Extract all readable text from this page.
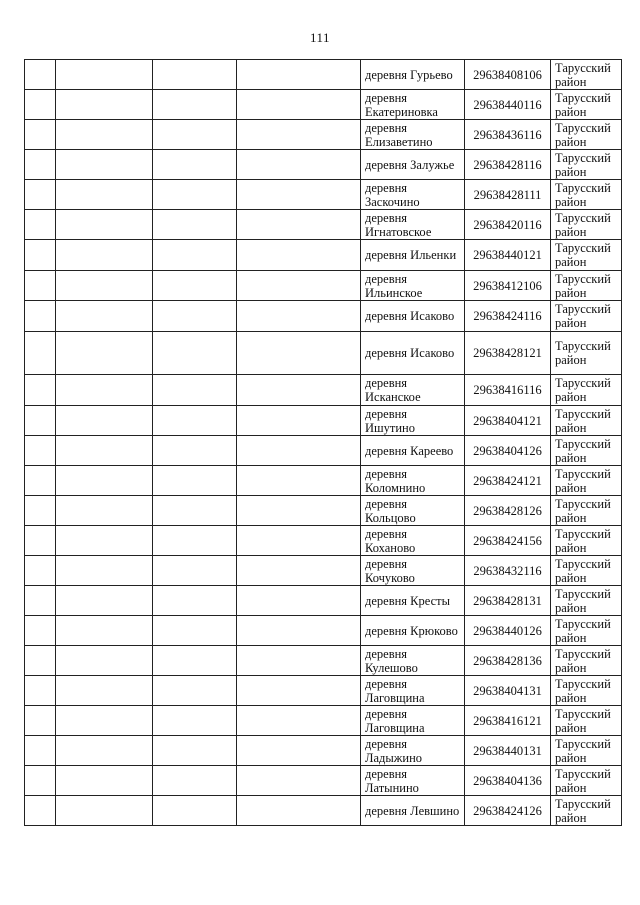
111
				деревня Гурьево	29638408106	Тарусский район
				деревня Екатериновка	29638440116	Тарусский район
				деревня Елизаветино	29638436116	Тарусский район
				деревня Залужье	29638428116	Тарусский район
				деревня Заскочино	29638428111	Тарусский район
				деревня Игнатовское	29638420116	Тарусский район
				деревня Ильенки	29638440121	Тарусский район
				деревня Ильинское	29638412106	Тарусский район
				деревня Исаково	29638424116	Тарусский район
				деревня Исаково	29638428121	Тарусский район
				деревня Исканское	29638416116	Тарусский район
				деревня Ишутино	29638404121	Тарусский район
				деревня Кареево	29638404126	Тарусский район
				деревня Коломнино	29638424121	Тарусский район
				деревня Кольцово	29638428126	Тарусский район
				деревня Коханово	29638424156	Тарусский район
				деревня Кочуково	29638432116	Тарусский район
				деревня Кресты	29638428131	Тарусский район
				деревня Крюково	29638440126	Тарусский район
				деревня Кулешово	29638428136	Тарусский район
				деревня Лаговщина	29638404131	Тарусский район
				деревня Лаговщина	29638416121	Тарусский район
				деревня Ладыжино	29638440131	Тарусский район
				деревня Латынино	29638404136	Тарусский район
				деревня Левшино	29638424126	Тарусский район
